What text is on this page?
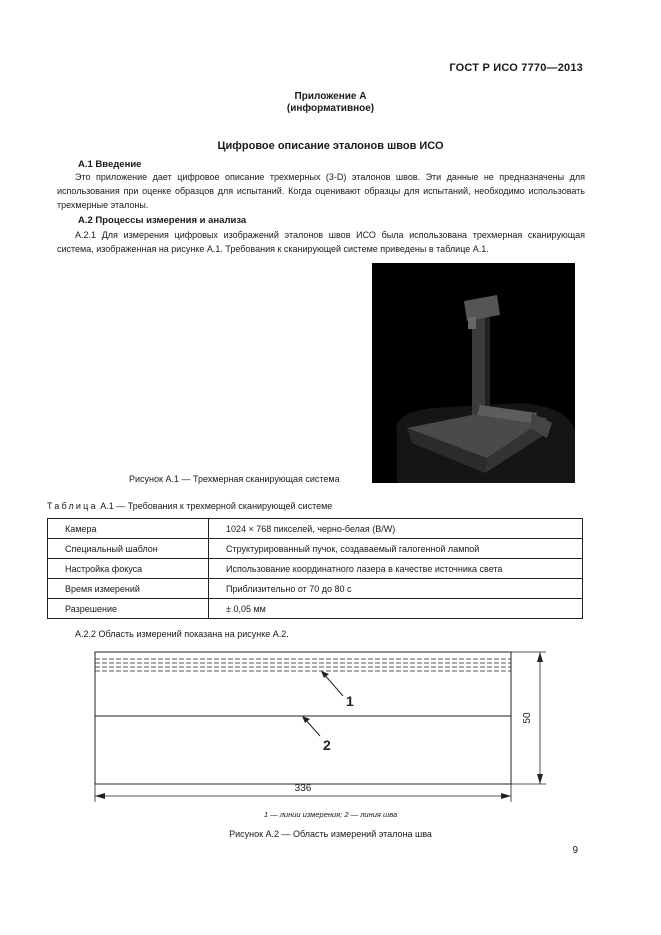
ГОСТ Р ИСО 7770—2013
Приложение А
(информативное)
Цифровое описание эталонов швов ИСО
А.1 Введение
Это приложение дает цифровое описание трехмерных (3-D) эталонов швов. Эти данные не предназначены для использования при оценке образцов для испытаний. Когда оценивают образцы для испытаний, необходимо использовать трехмерные эталоны.
А.2 Процессы измерения и анализа
А.2.1 Для измерения цифровых изображений эталонов швов ИСО была использована трехмерная сканирующая система, изображенная на рисунке А.1. Требования к сканирующей системе приведены в таблице А.1.
Рисунок А.1 — Трехмерная сканирующая система
Таблица А.1 — Требования к трехмерной сканирующей системе
Камера	1024 × 768 пикселей, черно-белая (B/W)
Специальный шаблон	Структурированный пучок, создаваемый галогенной лампой
Настройка фокуса	Использование координатного лазера в качестве источника света
Время измерений	Приблизительно от 70 до 80 с
Разрешение	± 0,05 мм
А.2.2 Область измерений показана на рисунке А.2.
1
2
336
50
1 — линии измерения; 2 — линия шва
Рисунок А.2 — Область измерений эталона шва
9
